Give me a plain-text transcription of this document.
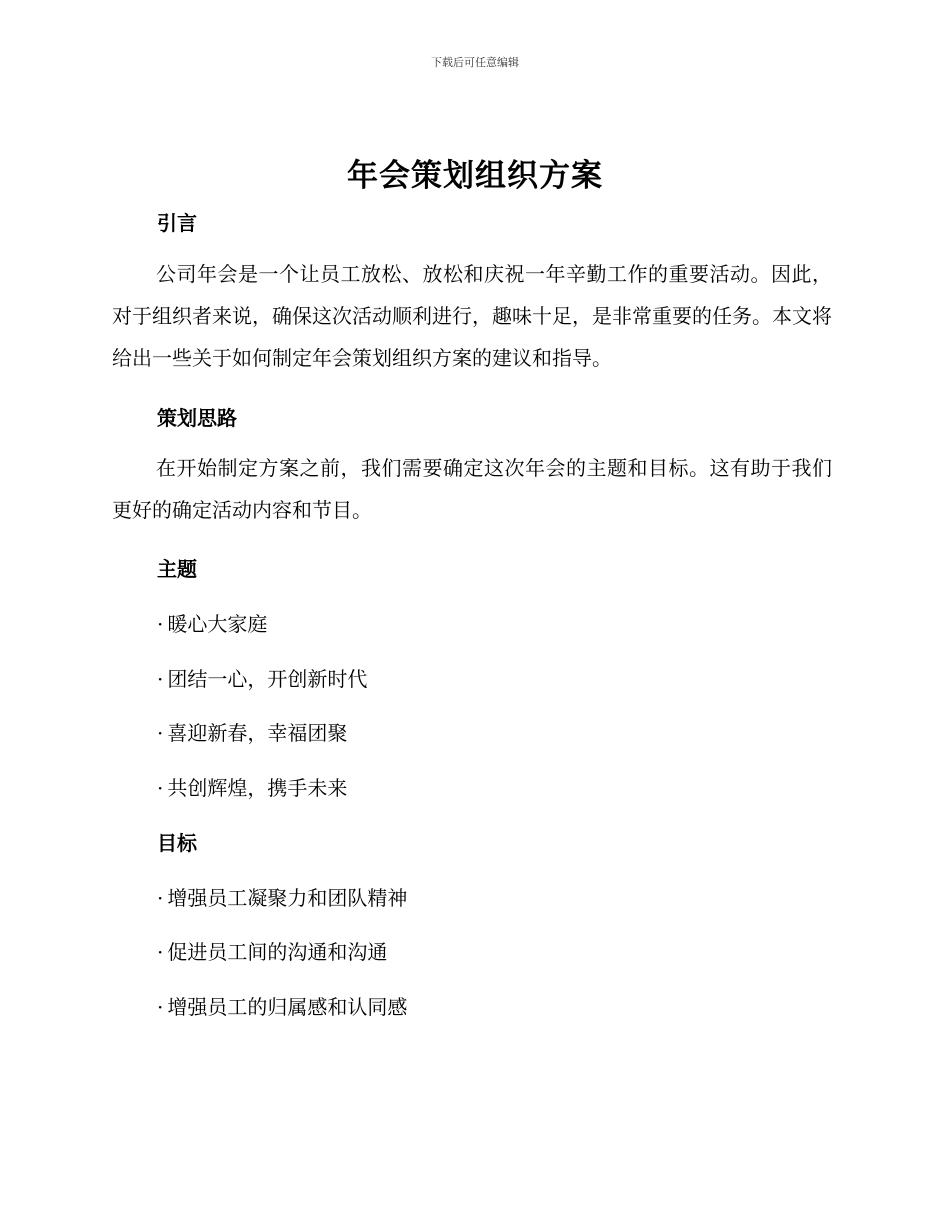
下载后可任意编辑
年会策划组织方案
引言
公司年会是一个让员工放松、放松和庆祝一年辛勤工作的重要活动。因此，对于组织者来说，确保这次活动顺利进行，趣味十足，是非常重要的任务。本文将给出一些关于如何制定年会策划组织方案的建议和指导。
策划思路
在开始制定方案之前，我们需要确定这次年会的主题和目标。这有助于我们更好的确定活动内容和节目。
主题
· 暖心大家庭
· 团结一心，开创新时代
· 喜迎新春，幸福团聚
· 共创辉煌，携手未来
目标
· 增强员工凝聚力和团队精神
· 促进员工间的沟通和沟通
· 增强员工的归属感和认同感
